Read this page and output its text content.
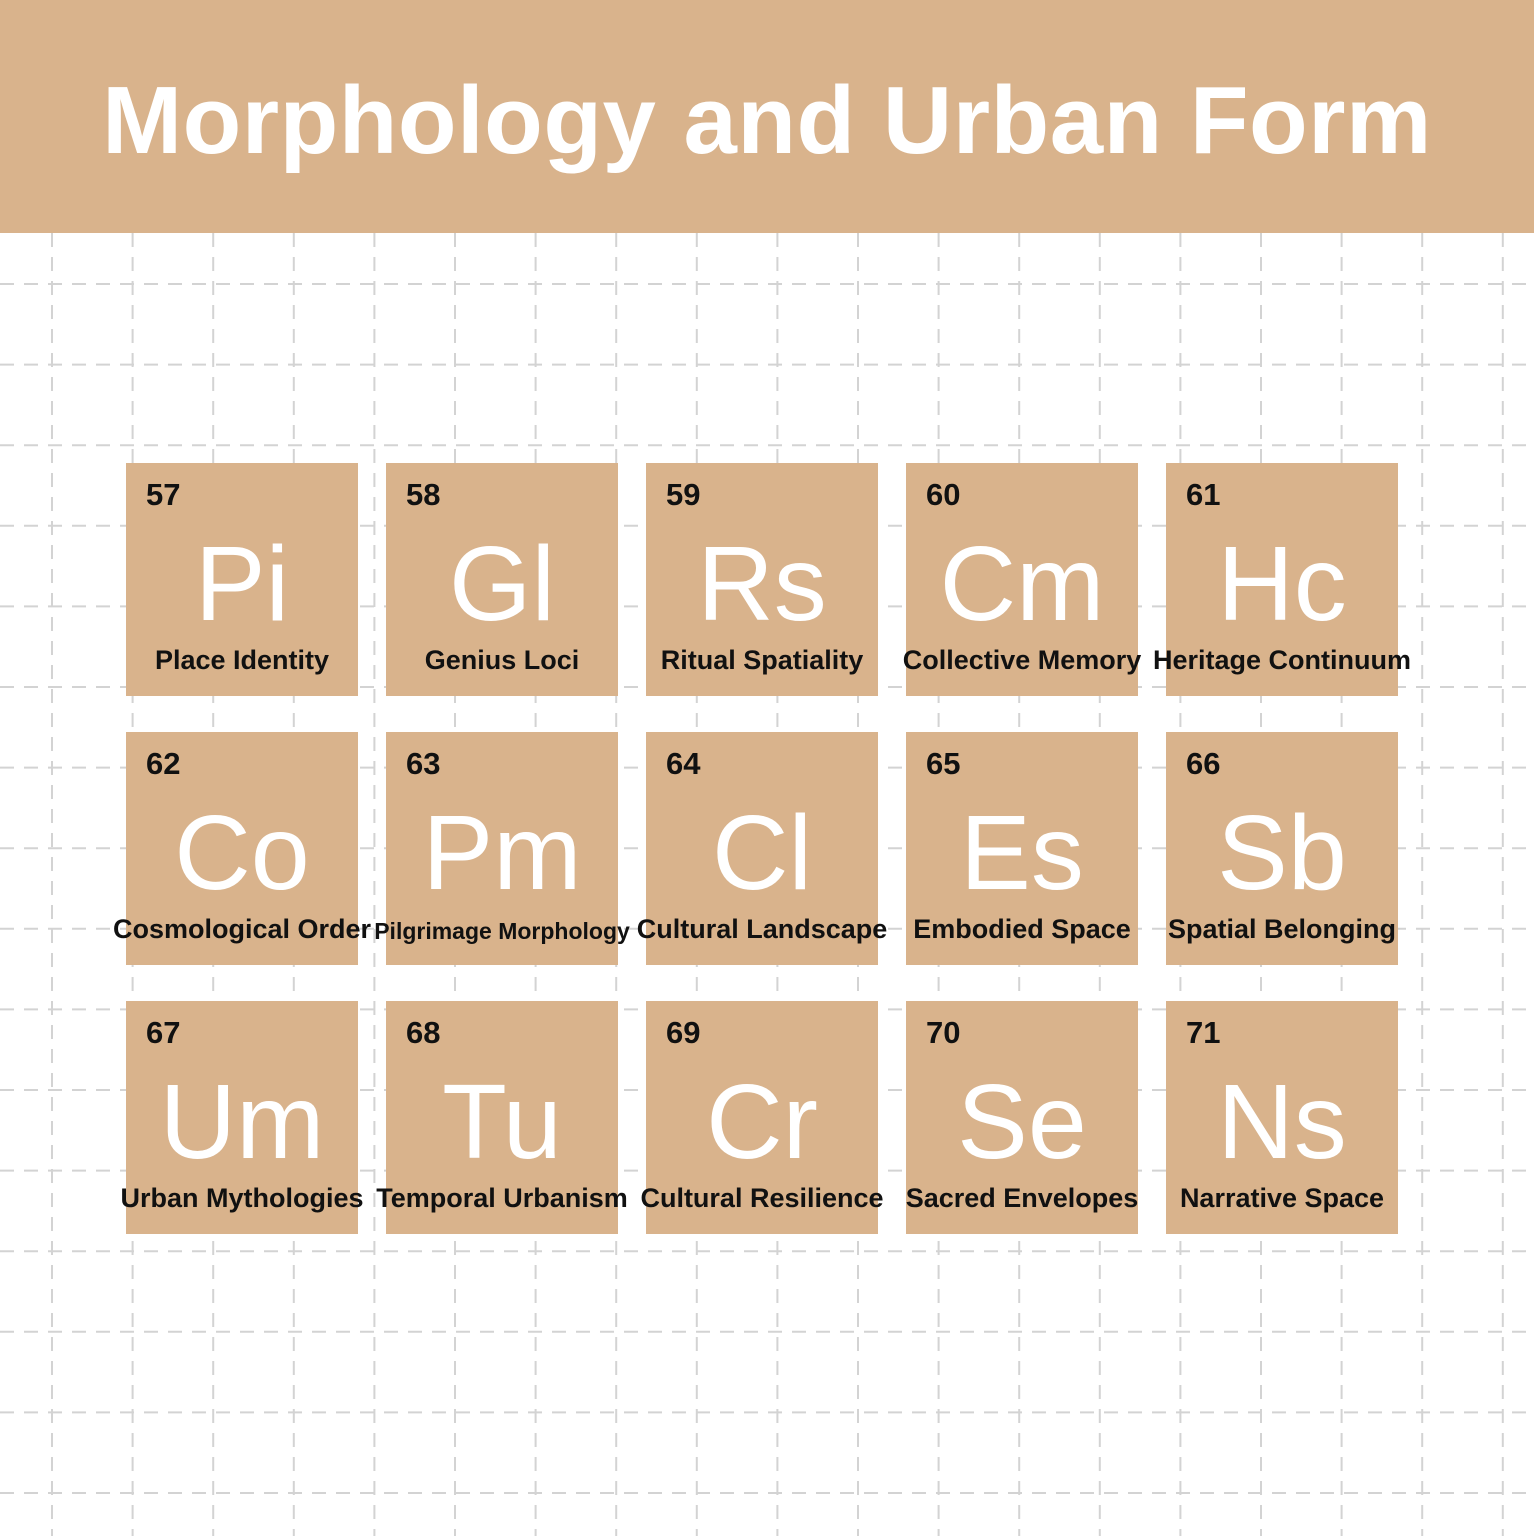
Morphology and Urban Form
57
Pi
Place Identity
58
Gl
Genius Loci
59
Rs
Ritual Spatiality
60
Cm
Collective Memory
61
Hc
Heritage Continuum
62
Co
Cosmological Order
63
Pm
Pilgrimage Morphology
64
Cl
Cultural Landscape
65
Es
Embodied Space
66
Sb
Spatial Belonging
67
Um
Urban Mythologies
68
Tu
Temporal Urbanism
69
Cr
Cultural Resilience
70
Se
Sacred Envelopes
71
Ns
Narrative Space
